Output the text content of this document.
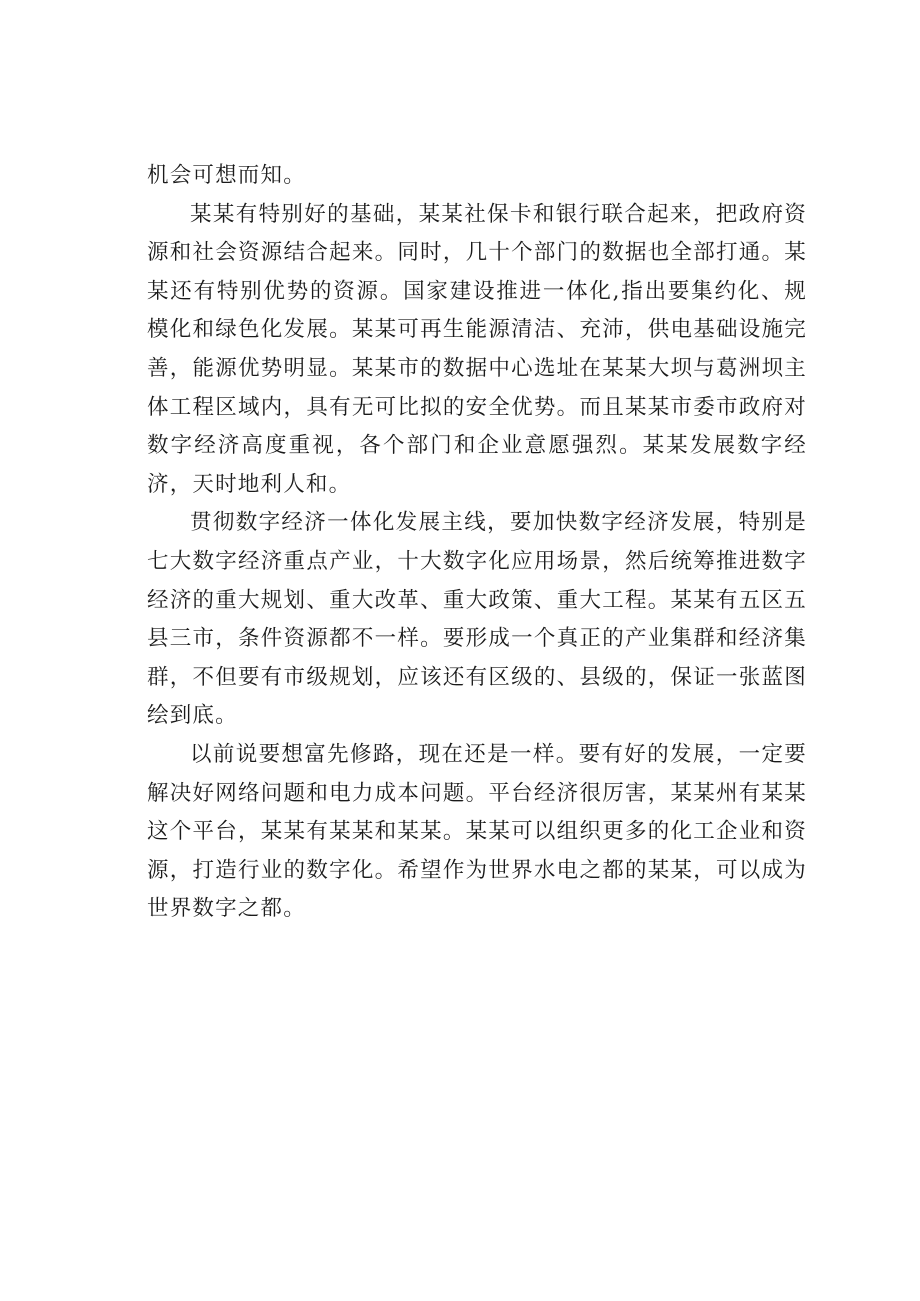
机会可想而知。

某某有特别好的基础，某某社保卡和银行联合起来，把政府资源和社会资源结合起来。同时，几十个部门的数据也全部打通。某某还有特别优势的资源。国家建设推进一体化,指出要集约化、规模化和绿色化发展。某某可再生能源清洁、充沛，供电基础设施完善，能源优势明显。某某市的数据中心选址在某某大坝与葛洲坝主体工程区域内，具有无可比拟的安全优势。而且某某市委市政府对数字经济高度重视，各个部门和企业意愿强烈。某某发展数字经济，天时地利人和。

贯彻数字经济一体化发展主线，要加快数字经济发展，特别是七大数字经济重点产业，十大数字化应用场景，然后统筹推进数字经济的重大规划、重大改革、重大政策、重大工程。某某有五区五县三市，条件资源都不一样。要形成一个真正的产业集群和经济集群，不但要有市级规划，应该还有区级的、县级的，保证一张蓝图绘到底。

以前说要想富先修路，现在还是一样。要有好的发展，一定要解决好网络问题和电力成本问题。平台经济很厉害，某某州有某某这个平台，某某有某某和某某。某某可以组织更多的化工企业和资源，打造行业的数字化。希望作为世界水电之都的某某，可以成为世界数字之都。
